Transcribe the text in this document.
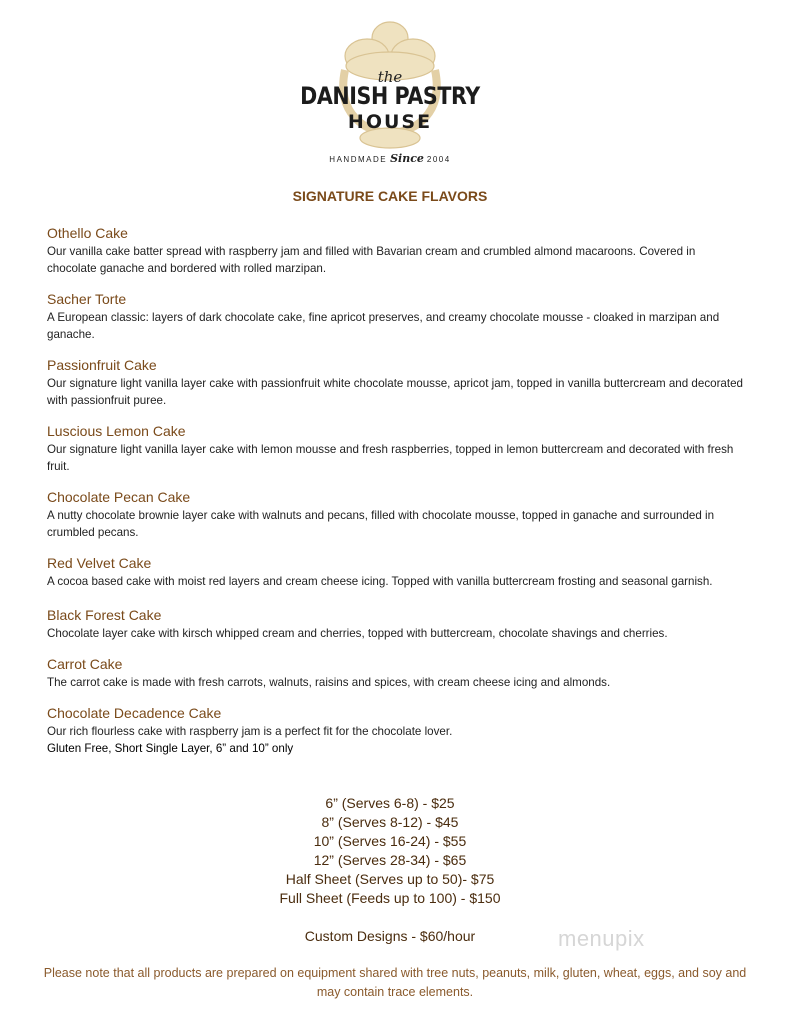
the
DANISH PASTRY
HOUSE
HANDMADE Since 2004
SIGNATURE CAKE FLAVORS
Othello Cake

Our vanilla cake batter spread with raspberry jam and filled with Bavarian cream and crumbled almond macaroons. Covered in chocolate ganache and bordered with rolled marzipan.

Sacher Torte

A European classic: layers of dark chocolate cake, fine apricot preserves, and creamy chocolate mousse - cloaked in marzipan and ganache.

Passionfruit Cake

Our signature light vanilla layer cake with passionfruit white chocolate mousse, apricot jam, topped in vanilla buttercream and decorated with passionfruit puree.

Luscious Lemon Cake

Our signature light vanilla layer cake with lemon mousse and fresh raspberries, topped in lemon buttercream and decorated with fresh fruit.

Chocolate Pecan Cake

A nutty chocolate brownie layer cake with walnuts and pecans, filled with chocolate mousse, topped in ganache and surrounded in crumbled pecans.

Red Velvet Cake

A cocoa based cake with moist red layers and cream cheese icing. Topped with vanilla buttercream frosting and seasonal garnish.

Black Forest Cake

Chocolate layer cake with kirsch whipped cream and cherries, topped with buttercream, chocolate shavings and cherries.

Carrot Cake

The carrot cake is made with fresh carrots, walnuts, raisins and spices, with cream cheese icing and almonds.

Chocolate Decadence Cake

Our rich flourless cake with raspberry jam is a perfect fit for the chocolate lover.

Gluten Free, Short Single Layer, 6” and 10” only

6” (Serves 6-8) - $25
8” (Serves 8-12) - $45
10” (Serves 16-24) - $55
12” (Serves 28-34) - $65
Half Sheet (Serves up to 50)- $75
Full Sheet (Feeds up to 100) - $150
Custom Designs - $60/hour	menupix
Please note that all products are prepared on equipment shared with tree nuts, peanuts, milk, gluten, wheat, eggs, and soy and may contain trace elements.
